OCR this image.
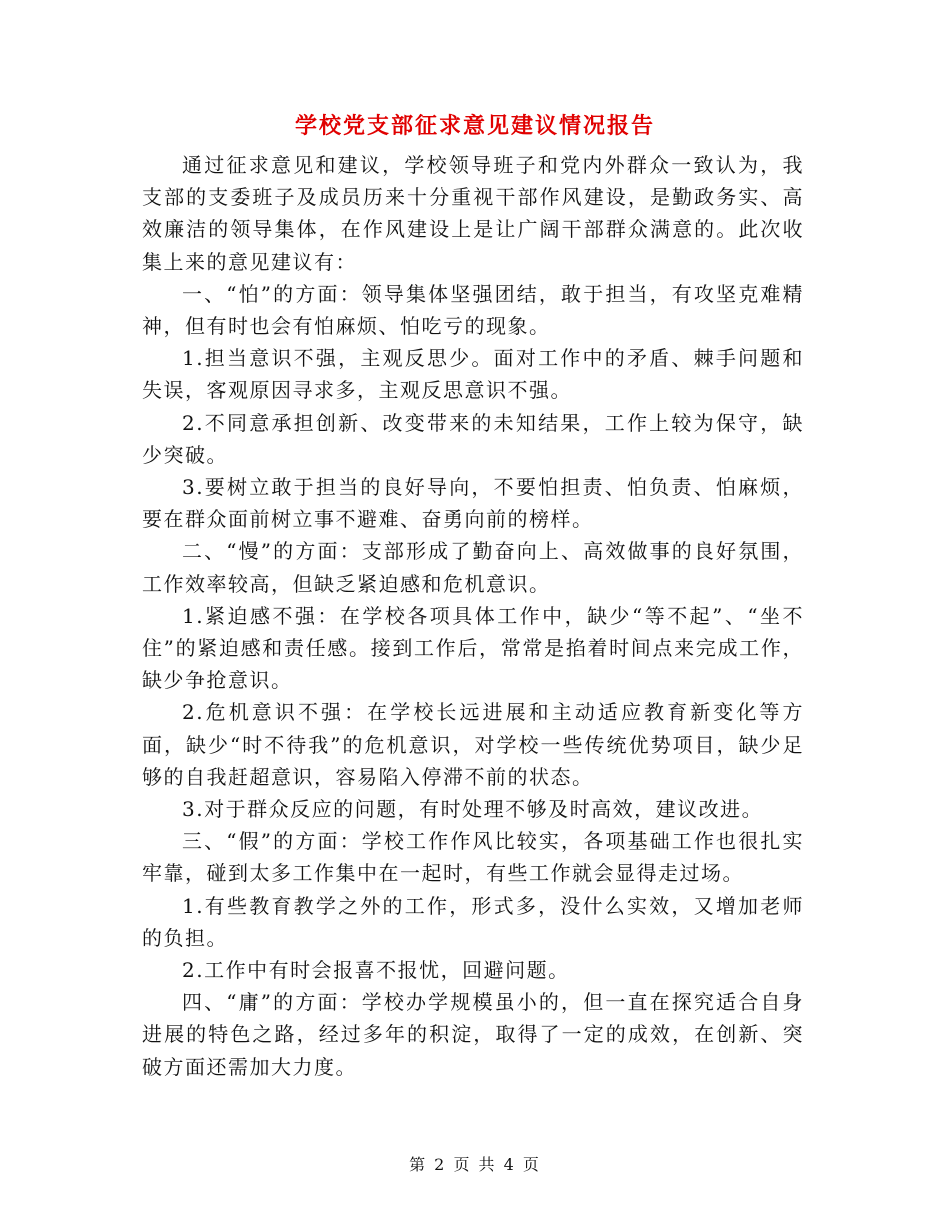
学校党支部征求意见建议情况报告

通过征求意见和建议，学校领导班子和党内外群众一致认为，我支部的支委班子及成员历来十分重视干部作风建设，是勤政务实、高效廉洁的领导集体，在作风建设上是让广阔干部群众满意的。此次收集上来的意见建议有：

一、“怕”的方面：领导集体坚强团结，敢于担当，有攻坚克难精神，但有时也会有怕麻烦、怕吃亏的现象。

1.担当意识不强，主观反思少。面对工作中的矛盾、棘手问题和失误，客观原因寻求多，主观反思意识不强。

2.不同意承担创新、改变带来的未知结果，工作上较为保守，缺少突破。

3.要树立敢于担当的良好导向，不要怕担责、怕负责、怕麻烦，要在群众面前树立事不避难、奋勇向前的榜样。

二、“慢”的方面：支部形成了勤奋向上、高效做事的良好氛围，工作效率较高，但缺乏紧迫感和危机意识。

1.紧迫感不强：在学校各项具体工作中，缺少“等不起”、“坐不住”的紧迫感和责任感。接到工作后，常常是掐着时间点来完成工作，缺少争抢意识。

2.危机意识不强：在学校长远进展和主动适应教育新变化等方面，缺少“时不待我”的危机意识，对学校一些传统优势项目，缺少足够的自我赶超意识，容易陷入停滞不前的状态。

3.对于群众反应的问题，有时处理不够及时高效，建议改进。

三、“假”的方面：学校工作作风比较实，各项基础工作也很扎实牢靠，碰到太多工作集中在一起时，有些工作就会显得走过场。

1.有些教育教学之外的工作，形式多，没什么实效，又增加老师的负担。

2.工作中有时会报喜不报忧，回避问题。

四、“庸”的方面：学校办学规模虽小的，但一直在探究适合自身进展的特色之路，经过多年的积淀，取得了一定的成效，在创新、突破方面还需加大力度。

第 2 页 共 4 页
